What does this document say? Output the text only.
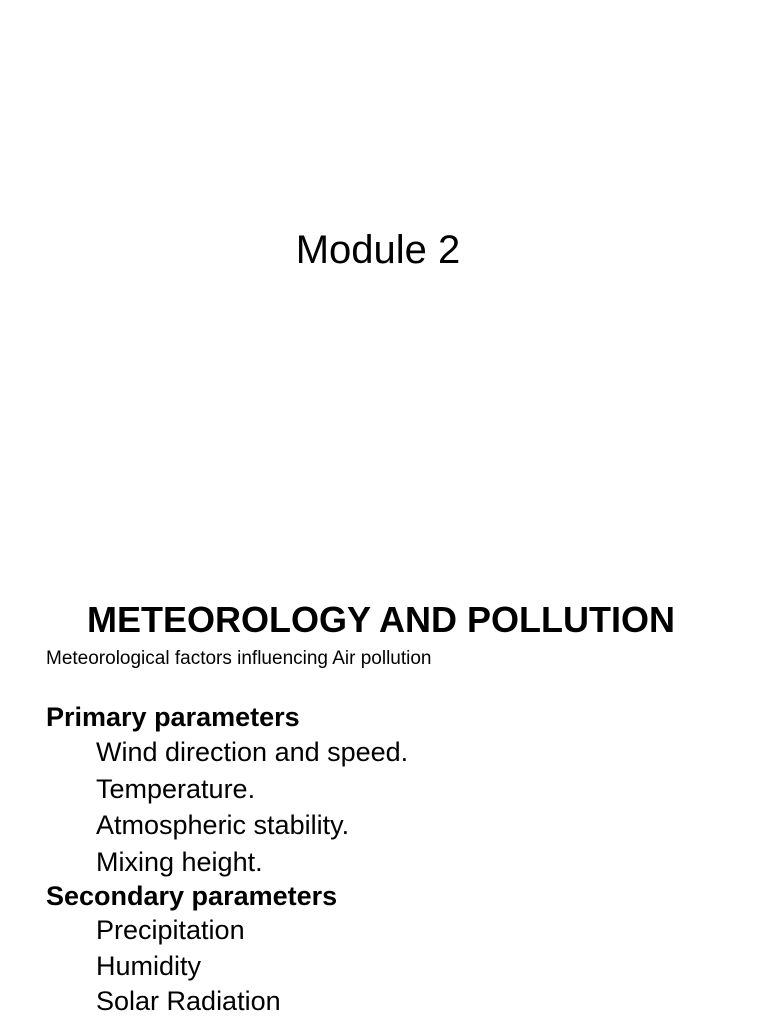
Module 2
METEOROLOGY AND POLLUTION

Meteorological factors influencing Air pollution

Primary parameters
Wind direction and speed.
Temperature.
Atmospheric stability.
Mixing height.
Secondary parameters
Precipitation
Humidity
Solar Radiation
